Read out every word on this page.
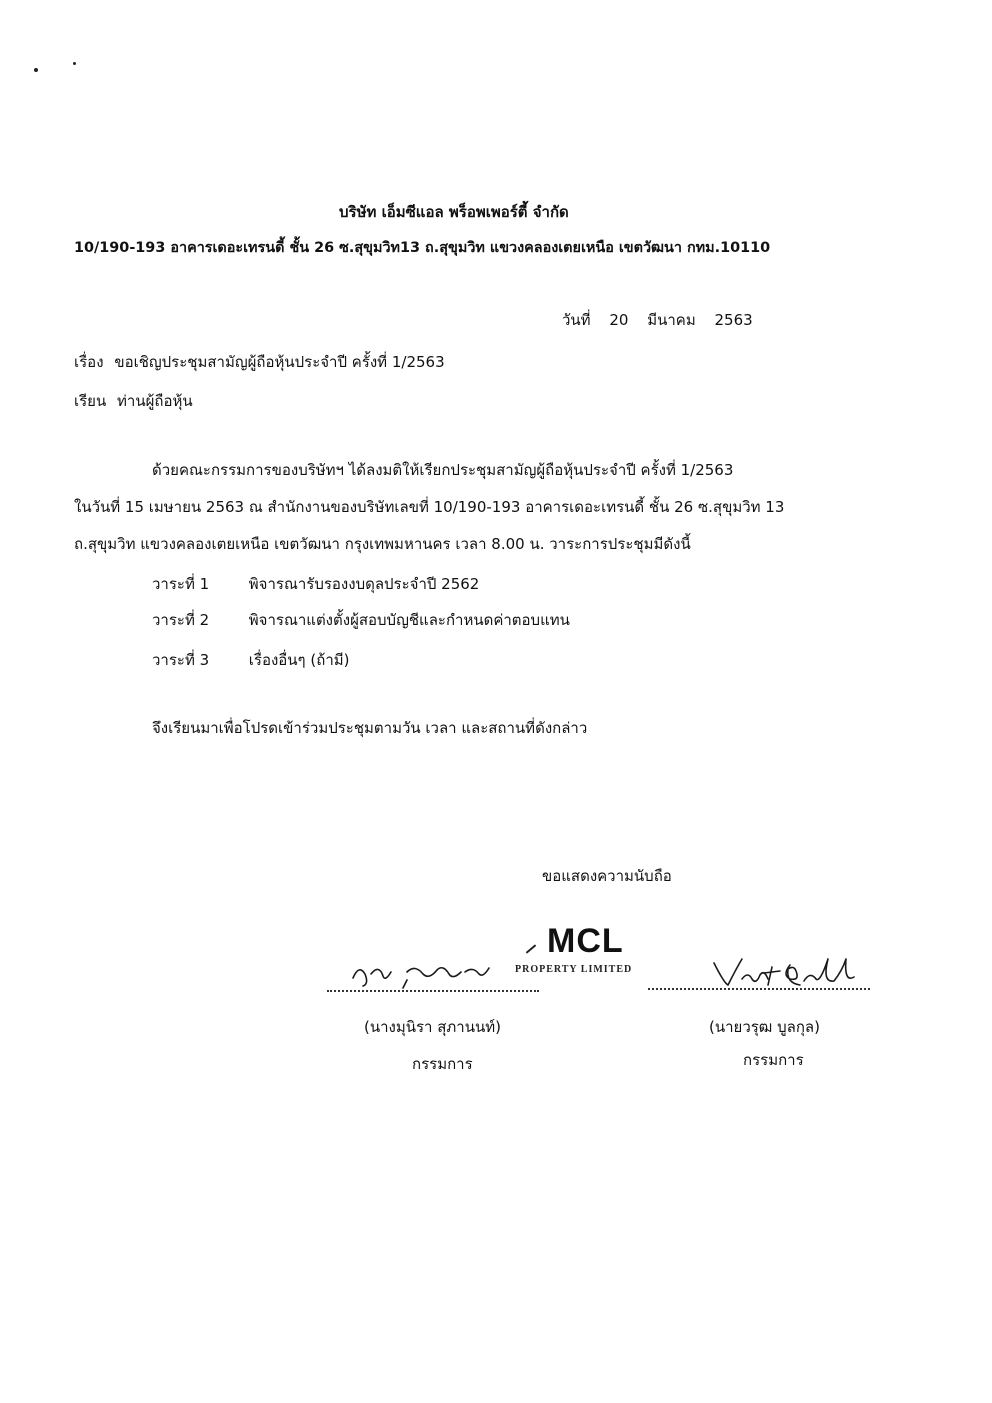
บริษัท เอ็มซีแอล พร็อพเพอร์ตี้ จำกัด
10/190-193 อาคารเดอะเทรนดี้ ชั้น 26 ซ.สุขุมวิท13 ถ.สุขุมวิท แขวงคลองเตยเหนือ เขตวัฒนา กทม.10110
วันที่ 20 มีนาคม 2563
เรื่อง ขอเชิญประชุมสามัญผู้ถือหุ้นประจำปี ครั้งที่ 1/2563
เรียน ท่านผู้ถือหุ้น
ด้วยคณะกรรมการของบริษัทฯ ได้ลงมติให้เรียกประชุมสามัญผู้ถือหุ้นประจำปี ครั้งที่ 1/2563
ในวันที่ 15 เมษายน 2563 ณ สำนักงานของบริษัทเลขที่ 10/190-193 อาคารเดอะเทรนดี้ ชั้น 26 ซ.สุขุมวิท 13
ถ.สุขุมวิท แขวงคลองเตยเหนือ เขตวัฒนา กรุงเทพมหานคร เวลา 8.00 น. วาระการประชุมมีดังนี้
วาระที่ 1	พิจารณารับรองงบดุลประจำปี 2562
วาระที่ 2	พิจารณาแต่งตั้งผู้สอบบัญชีและกำหนดค่าตอบแทน
วาระที่ 3	เรื่องอื่นๆ (ถ้ามี)
จึงเรียนมาเพื่อโปรดเข้าร่วมประชุมตามวัน เวลา และสถานที่ดังกล่าว
ขอแสดงความนับถือ
MCL
PROPERTY LIMITED
(นางมุนิรา สุภานนท์)
กรรมการ
(นายวรุฒ บูลกุล)
กรรมการ
